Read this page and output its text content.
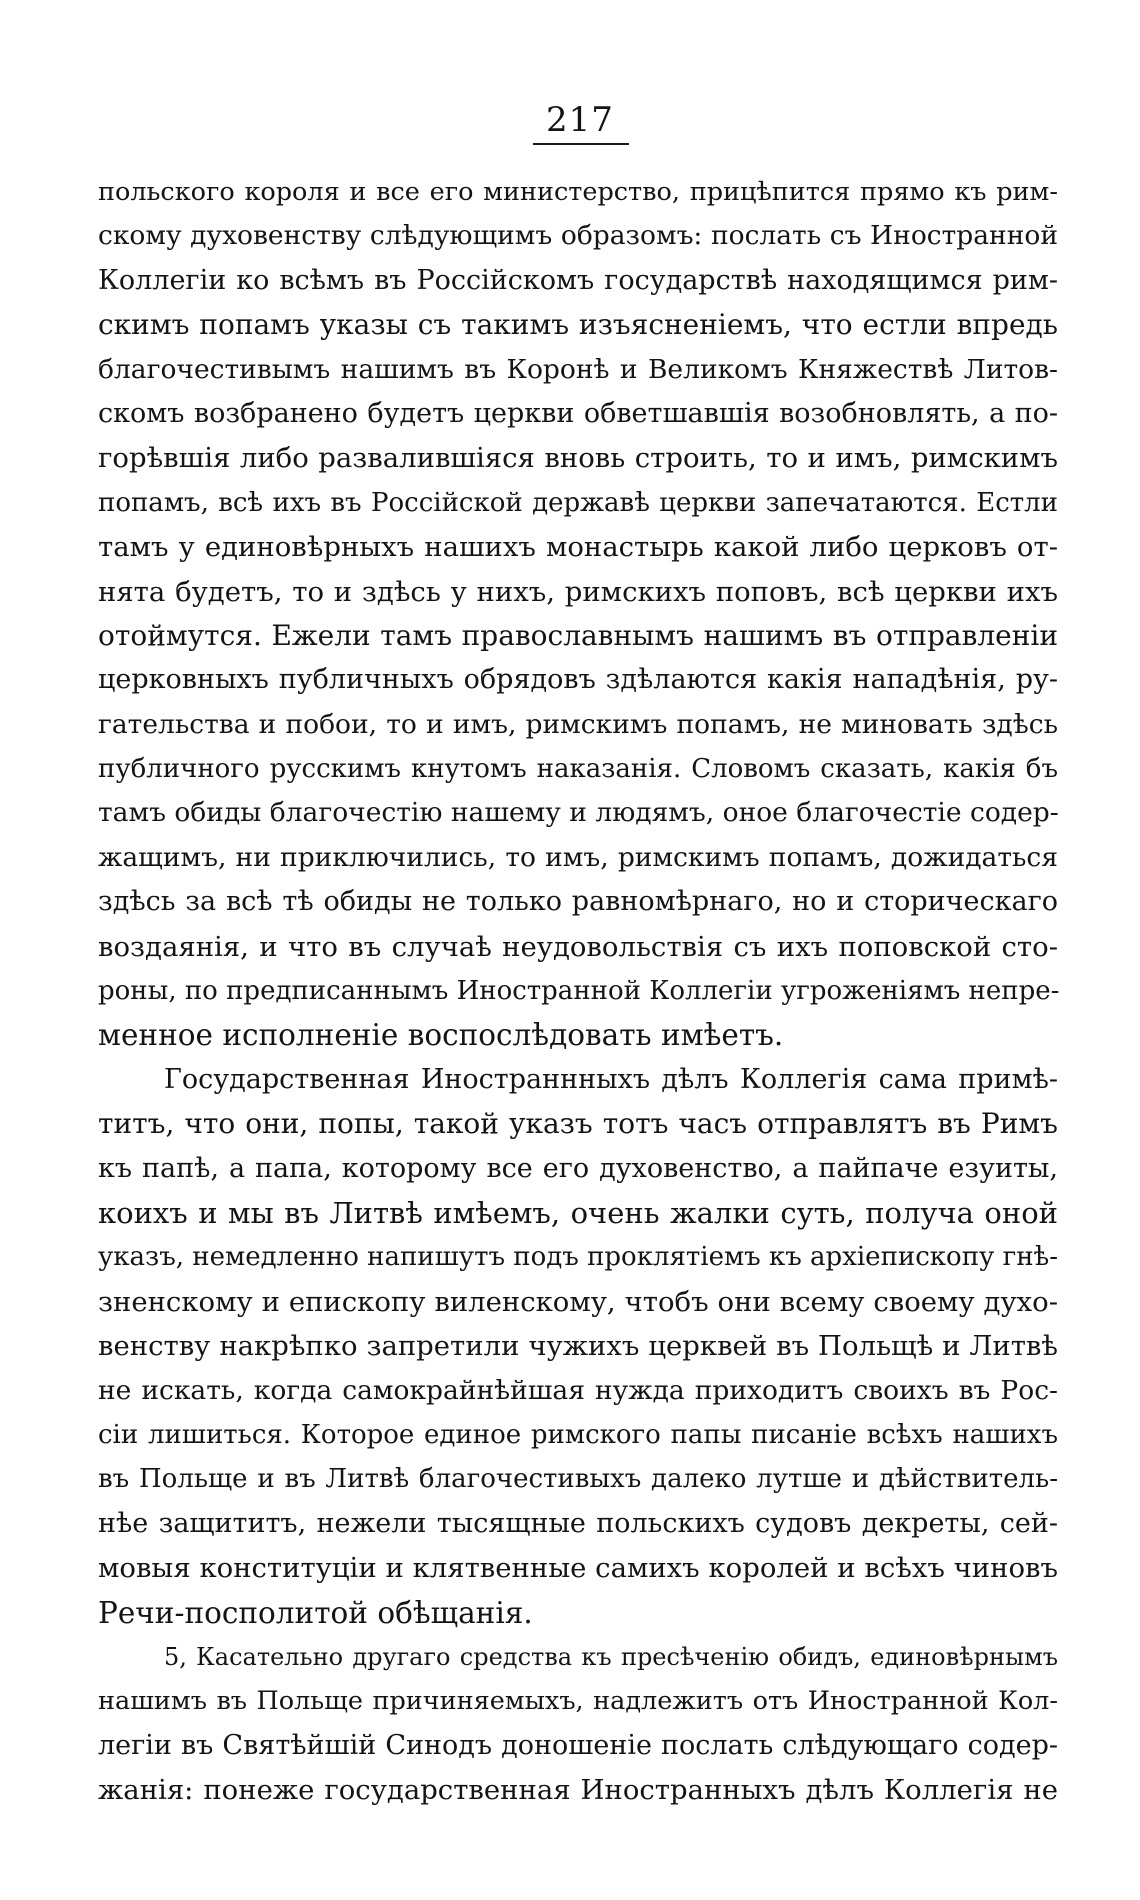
217
польского короля и все его министерство, прицѣпится прямо къ рим-
скому духовенству слѣдующимъ образомъ: послать съ Иностранной
Коллегіи ко всѣмъ въ Россійскомъ государствѣ находящимся рим-
скимъ попамъ указы съ такимъ изъясненіемъ, что естли впредь
благочестивымъ нашимъ въ Коронѣ и Великомъ Княжествѣ Литов-
скомъ возбранено будетъ церкви обветшавшія возобновлять, а по-
горѣвшія либо развалившіяся вновь строить, то и имъ, римскимъ
попамъ, всѣ ихъ въ Россійской державѣ церкви запечатаются. Естли
тамъ у единовѣрныхъ нашихъ монастырь какой либо церковъ от-
нята будетъ, то и здѣсь у нихъ, римскихъ поповъ, всѣ церкви ихъ
отоймутся. Ежели тамъ православнымъ нашимъ въ отправленіи
церковныхъ публичныхъ обрядовъ здѣлаются какія нападѣнія, ру-
гательства и побои, то и имъ, римскимъ попамъ, не миновать здѣсь
публичного русскимъ кнутомъ наказанія. Словомъ сказать, какія бъ
тамъ обиды благочестію нашему и людямъ, оное благочестіе содер-
жащимъ, ни приключились, то имъ, римскимъ попамъ, дожидаться
здѣсь за всѣ тѣ обиды не только равномѣрнаго, но и сторическаго
воздаянія, и что въ случаѣ неудовольствія съ ихъ поповской сто-
роны, по предписаннымъ Иностранной Коллегіи угроженіямъ непре-
менное исполненіе воспослѣдовать имѣетъ.
Государственная Иностраннныхъ дѣлъ Коллегія сама примѣ-
титъ, что они, попы, такой указъ тотъ часъ отправлятъ въ Римъ
къ папѣ, а папа, которому все его духовенство, а пайпаче езуиты,
коихъ и мы въ Литвѣ имѣемъ, очень жалки суть, получа оной
указъ, немедленно напишутъ подъ проклятіемъ къ архіепископу гнѣ-
зненскому и епископу виленскому, чтобъ они всему своему духо-
венству накрѣпко запретили чужихъ церквей въ Польщѣ и Литвѣ
не искать, когда самокрайнѣйшая нужда приходитъ своихъ въ Рос-
сіи лишиться. Которое единое римского папы писаніе всѣхъ нашихъ
въ Польще и въ Литвѣ благочестивыхъ далеко лутше и дѣйствитель-
нѣе защититъ, нежели тысящные польскихъ судовъ декреты, сей-
мовыя конституціи и клятвенные самихъ королей и всѣхъ чиновъ
Речи-посполитой обѣщанія.
5, Касательно другаго средства къ пресѣченію обидъ, единовѣрнымъ
нашимъ въ Польще причиняемыхъ, надлежитъ отъ Иностранной Кол-
легіи въ Святѣйшій Синодъ доношеніе послать слѣдующаго содер-
жанія: понеже государственная Иностранныхъ дѣлъ Коллегія не
